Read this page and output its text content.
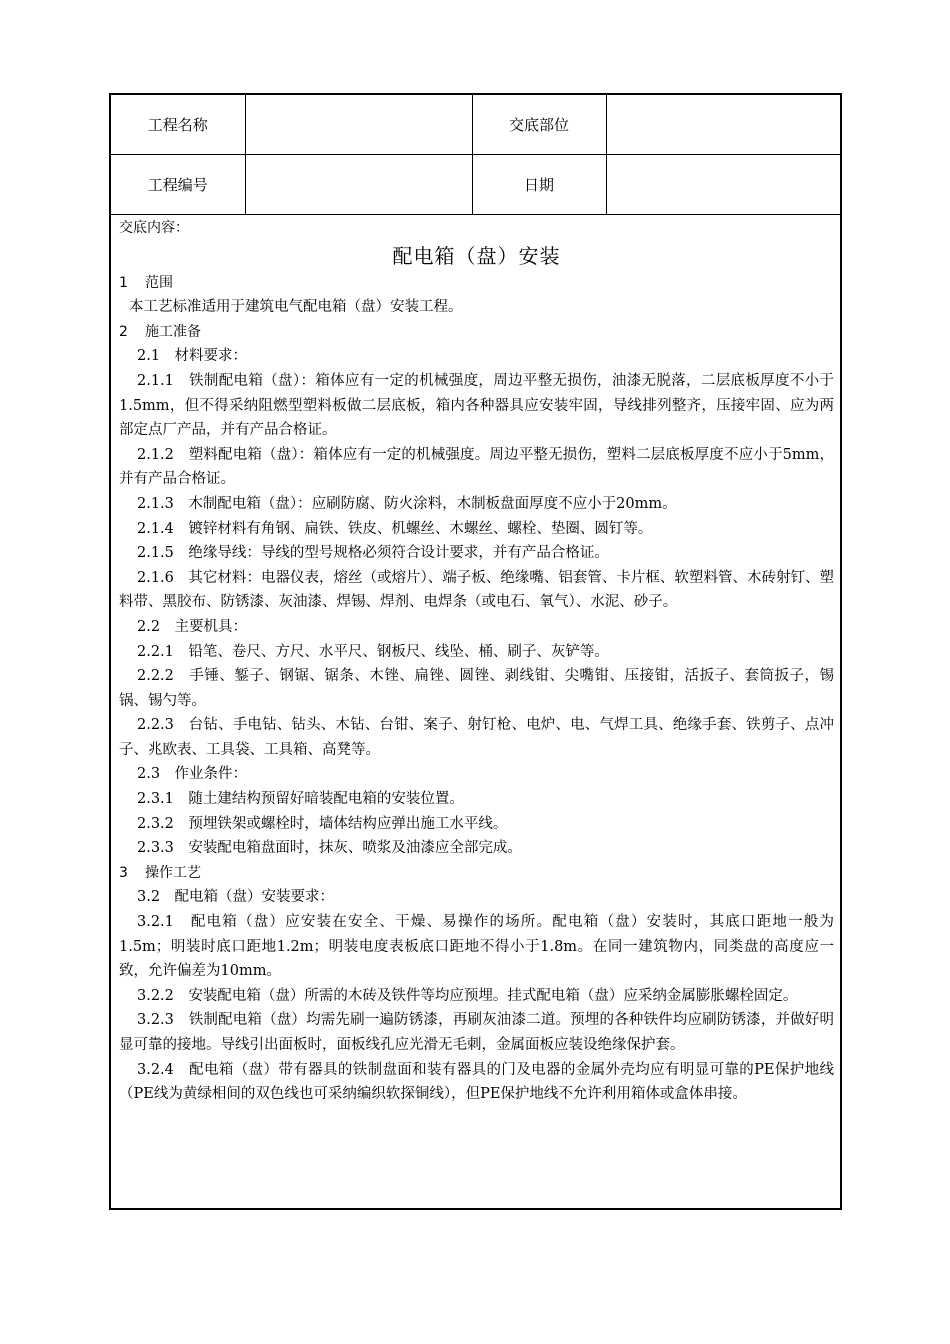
工程名称		交底部位	
工程编号		日期	

交底内容：

配电箱（盘）安装

1 范围

本工艺标准适用于建筑电气配电箱（盘）安装工程。

2 施工准备

2.1　材料要求：

2.1.1　铁制配电箱（盘）：箱体应有一定的机械强度，周边平整无损伤，油漆无脱落，二层底板厚度不小于1.5mm，但不得采纳阻燃型塑料板做二层底板，箱内各种器具应安装牢固，导线排列整齐，压接牢固、应为两部定点厂产品，并有产品合格证。

2.1.2　塑料配电箱（盘）：箱体应有一定的机械强度。周边平整无损伤，塑料二层底板厚度不应小于5mm，并有产品合格证。

2.1.3　木制配电箱（盘）：应刷防腐、防火涂料，木制板盘面厚度不应小于20mm。

2.1.4　镀锌材料有角钢、扁铁、铁皮、机螺丝、木螺丝、螺栓、垫圈、圆钉等。

2.1.5　绝缘导线：导线的型号规格必须符合设计要求，并有产品合格证。

2.1.6　其它材料：电器仪表，熔丝（或熔片）、端子板、绝缘嘴、铝套管、卡片框、软塑料管、木砖射钉、塑料带、黑胶布、防锈漆、灰油漆、焊锡、焊剂、电焊条（或电石、氧气）、水泥、砂子。

2.2　主要机具：

2.2.1　铅笔、卷尺、方尺、水平尺、钢板尺、线坠、桶、刷子、灰铲等。

2.2.2　手锤、錾子、钢锯、锯条、木锉、扁锉、圆锉、剥线钳、尖嘴钳、压接钳，活扳子、套筒扳子，锡锅、锡勺等。

2.2.3　台钻、手电钻、钻头、木钻、台钳、案子、射钉枪、电炉、电、气焊工具、绝缘手套、铁剪子、点冲子、兆欧表、工具袋、工具箱、高凳等。

2.3　作业条件：

2.3.1　随土建结构预留好暗装配电箱的安装位置。

2.3.2　预埋铁架或螺栓时，墙体结构应弹出施工水平线。

2.3.3　安装配电箱盘面时，抹灰、喷浆及油漆应全部完成。

3 操作工艺

3.2　配电箱（盘）安装要求：

3.2.1　配电箱（盘）应安装在安全、干燥、易操作的场所。配电箱（盘）安装时，其底口距地一般为1.5m；明装时底口距地1.2m；明装电度表板底口距地不得小于1.8m。在同一建筑物内，同类盘的高度应一致，允许偏差为10mm。

3.2.2　安装配电箱（盘）所需的木砖及铁件等均应预埋。挂式配电箱（盘）应采纳金属膨胀螺栓固定。

3.2.3　铁制配电箱（盘）均需先刷一遍防锈漆，再刷灰油漆二道。预埋的各种铁件均应刷防锈漆，并做好明显可靠的接地。导线引出面板时，面板线孔应光滑无毛刺，金属面板应装设绝缘保护套。

3.2.4　配电箱（盘）带有器具的铁制盘面和装有器具的门及电器的金属外壳均应有明显可靠的PE保护地线（PE线为黄绿相间的双色线也可采纳编织软探铜线），但PE保护地线不允许利用箱体或盒体串接。
